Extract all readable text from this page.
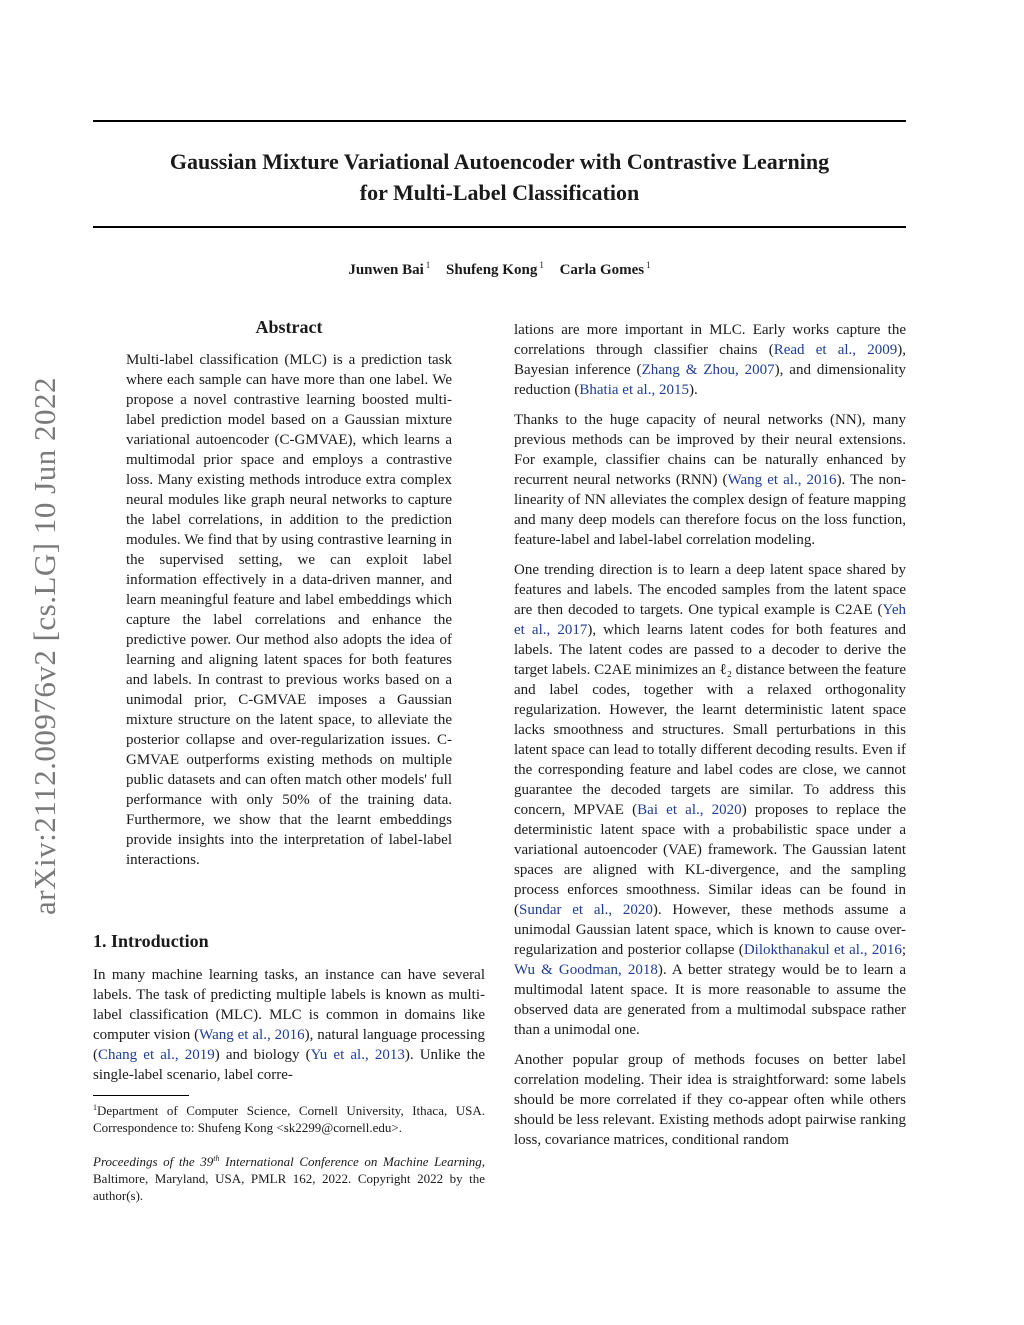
Gaussian Mixture Variational Autoencoder with Contrastive Learning
for Multi-Label Classification
Junwen Bai $^1$ Shufeng Kong $^1$ Carla Gomes $^1$
arXiv:2112.00976v2 [cs.LG] 10 Jun 2022
Abstract
Multi-label classification (MLC) is a prediction task where each sample can have more than one label. We propose a novel contrastive learning boosted multi-label prediction model based on a Gaussian mixture variational autoencoder (C-GMVAE), which learns a multimodal prior space and employs a contrastive loss. Many existing methods introduce extra complex neural modules like graph neural networks to capture the label correlations, in addition to the prediction modules. We find that by using contrastive learning in the supervised setting, we can exploit label information effectively in a data-driven manner, and learn meaningful feature and label embeddings which capture the label correlations and enhance the predictive power. Our method also adopts the idea of learning and aligning latent spaces for both features and labels. In contrast to previous works based on a unimodal prior, C-GMVAE imposes a Gaussian mixture structure on the latent space, to alleviate the posterior collapse and over-regularization issues. C-GMVAE outperforms existing methods on multiple public datasets and can often match other models' full performance with only 50% of the training data. Furthermore, we show that the learnt embeddings provide insights into the interpretation of label-label interactions.
1. Introduction

In many machine learning tasks, an instance can have several labels. The task of predicting multiple labels is known as multi-label classification (MLC). MLC is common in domains like computer vision (Wang et al., 2016), natural language processing (Chang et al., 2019) and biology (Yu et al., 2013). Unlike the single-label scenario, label corre-

$^1$Department of Computer Science, Cornell University, Ithaca, USA. Correspondence to: Shufeng Kong <sk2299@cornell.edu>.
Proceedings of the 39th International Conference on Machine Learning, Baltimore, Maryland, USA, PMLR 162, 2022. Copyright 2022 by the author(s).

lations are more important in MLC. Early works capture the correlations through classifier chains (Read et al., 2009), Bayesian inference (Zhang & Zhou, 2007), and dimensionality reduction (Bhatia et al., 2015).

Thanks to the huge capacity of neural networks (NN), many previous methods can be improved by their neural extensions. For example, classifier chains can be naturally enhanced by recurrent neural networks (RNN) (Wang et al., 2016). The non-linearity of NN alleviates the complex design of feature mapping and many deep models can therefore focus on the loss function, feature-label and label-label correlation modeling.

One trending direction is to learn a deep latent space shared by features and labels. The encoded samples from the latent space are then decoded to targets. One typical example is C2AE (Yeh et al., 2017), which learns latent codes for both features and labels. The latent codes are passed to a decoder to derive the target labels. C2AE minimizes an ℓ₂ distance between the feature and label codes, together with a relaxed orthogonality regularization. However, the learnt deterministic latent space lacks smoothness and structures. Small perturbations in this latent space can lead to totally different decoding results. Even if the corresponding feature and label codes are close, we cannot guarantee the decoded targets are similar. To address this concern, MPVAE (Bai et al., 2020) proposes to replace the deterministic latent space with a probabilistic space under a variational autoencoder (VAE) framework. The Gaussian latent spaces are aligned with KL-divergence, and the sampling process enforces smoothness. Similar ideas can be found in (Sundar et al., 2020). However, these methods assume a unimodal Gaussian latent space, which is known to cause over-regularization and posterior collapse (Dilokthanakul et al., 2016; Wu & Goodman, 2018). A better strategy would be to learn a multimodal latent space. It is more reasonable to assume the observed data are generated from a multimodal subspace rather than a unimodal one.

Another popular group of methods focuses on better label correlation modeling. Their idea is straightforward: some labels should be more correlated if they co-appear often while others should be less relevant. Existing methods adopt pairwise ranking loss, covariance matrices, conditional random
